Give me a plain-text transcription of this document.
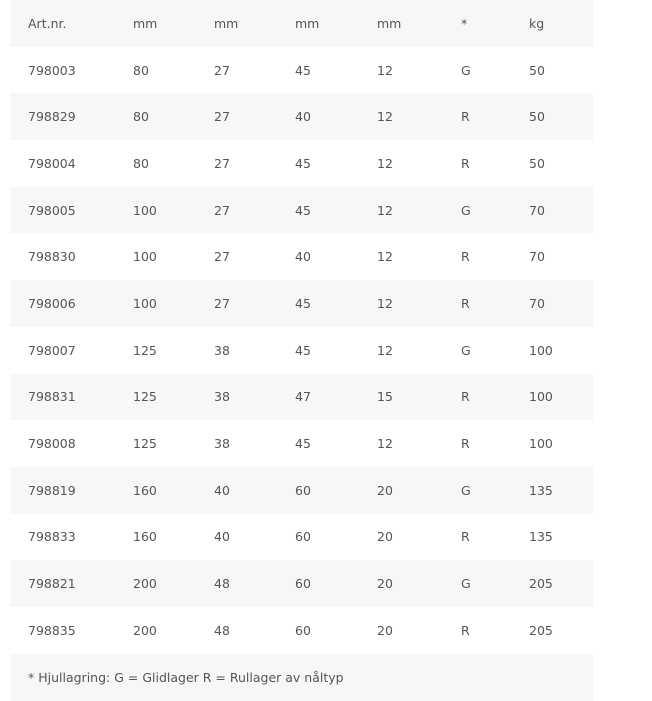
Art.nr.	mm	mm	mm	mm	*	kg
798003	80	27	45	12	G	50
798829	80	27	40	12	R	50
798004	80	27	45	12	R	50
798005	100	27	45	12	G	70
798830	100	27	40	12	R	70
798006	100	27	45	12	R	70
798007	125	38	45	12	G	100
798831	125	38	47	15	R	100
798008	125	38	45	12	R	100
798819	160	40	60	20	G	135
798833	160	40	60	20	R	135
798821	200	48	60	20	G	205
798835	200	48	60	20	R	205
* Hjullagring: G = Glidlager R = Rullager av nåltyp
